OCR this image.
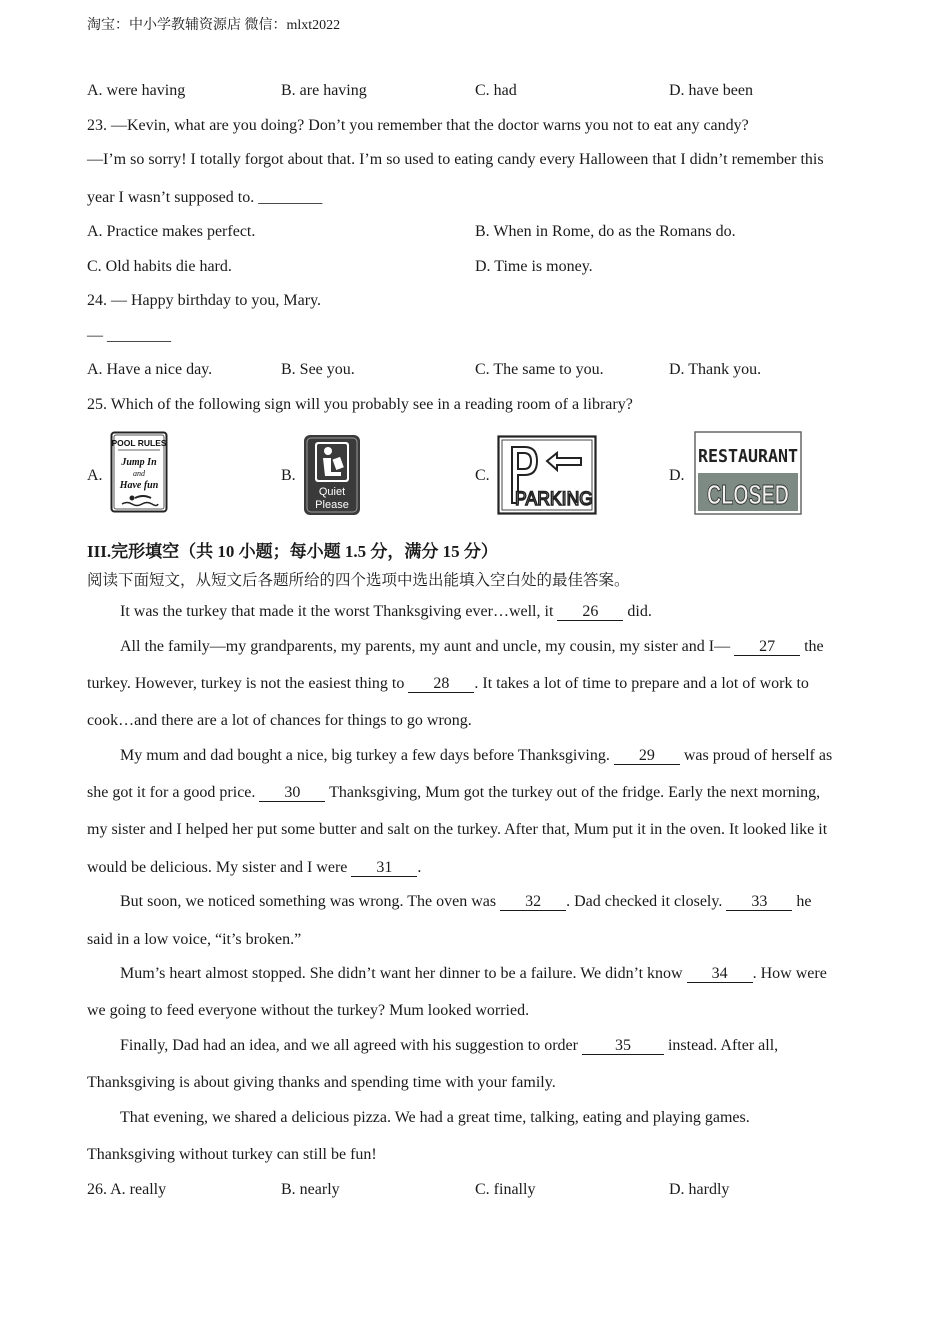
淘宝：中小学教辅资源店 微信：mlxt2022
A. were having	B. are having	C. had	D. have been
23. —Kevin, what are you doing? Don’t you remember that the doctor warns you not to eat any candy?
—I’m so sorry! I totally forgot about that. I’m so used to eating candy every Halloween that I didn’t remember this
year I wasn’t supposed to. ________
A. Practice makes perfect.	B. When in Rome, do as the Romans do.
C. Old habits die hard.	D. Time is money.
24. — Happy birthday to you, Mary.
— ________
A. Have a nice day.	B. See you.	C. The same to you.	D. Thank you.
25. Which of the following sign will you probably see in a reading room of a library?
A.	B.	C.	D.
POOL RULES
Jump In
and
Have fun
Quiet
Please	PARKING
RESTAURANT
CLOSED
III.完形填空（共 10 小题；每小题 1.5 分，满分 15 分）
阅读下面短文，从短文后各题所给的四个选项中选出能填入空白处的最佳答案。
It was the turkey that made it the worst Thanksgiving ever…well, it 26 did.
All the family—my grandparents, my parents, my aunt and uncle, my cousin, my sister and I— 27 the
turkey. However, turkey is not the easiest thing to 28 . It takes a lot of time to prepare and a lot of work to
cook…and there are a lot of chances for things to go wrong.
My mum and dad bought a nice, big turkey a few days before Thanksgiving. 29 was proud of herself as
she got it for a good price. 30 Thanksgiving, Mum got the turkey out of the fridge. Early the next morning,
my sister and I helped her put some butter and salt on the turkey. After that, Mum put it in the oven. It looked like it
would be delicious. My sister and I were 31 .
But soon, we noticed something was wrong. The oven was 32 . Dad checked it closely. 33 he
said in a low voice, “it’s broken.”
Mum’s heart almost stopped. She didn’t want her dinner to be a failure. We didn’t know 34 . How were
we going to feed everyone without the turkey? Mum looked worried.
Finally, Dad had an idea, and we all agreed with his suggestion to order 35 instead. After all,
Thanksgiving is about giving thanks and spending time with your family.
That evening, we shared a delicious pizza. We had a great time, talking, eating and playing games.
Thanksgiving without turkey can still be fun!
26. A. really	B. nearly	C. finally	D. hardly
